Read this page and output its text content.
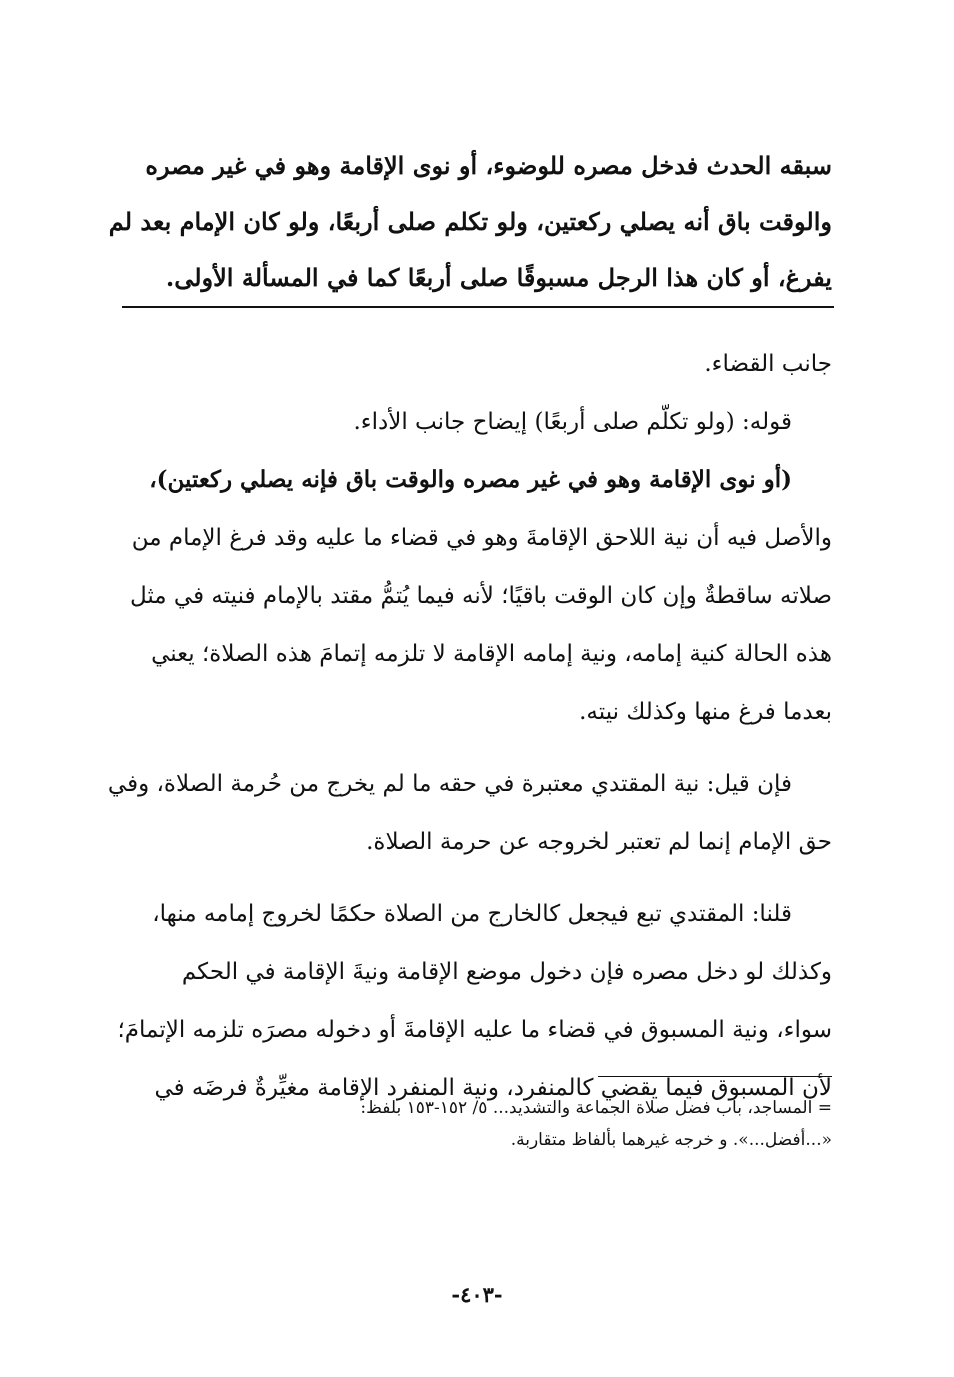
سبقه الحدث فدخل مصره للوضوء، أو نوى الإقامة وهو في غير مصره
والوقت باق أنه يصلي ركعتين، ولو تكلم صلى أربعًا، ولو كان الإمام بعد لم
يفرغ، أو كان هذا الرجل مسبوقًا صلى أربعًا كما في المسألة الأولى.

جانب القضاء.

قوله: (ولو تكلّم صلى أربعًا) إيضاح جانب الأداء.

(أو نوى الإقامة وهو في غير مصره والوقت باق فإنه يصلي ركعتين)،

والأصل فيه أن نية اللاحق الإقامةَ وهو في قضاء ما عليه وقد فرغ الإمام من
صلاته ساقطةٌ وإن كان الوقت باقيًا؛ لأنه فيما يُتمُّ مقتد بالإمام فنيته في مثل
هذه الحالة كنية إمامه، ونية إمامه الإقامة لا تلزمه إتمامَ هذه الصلاة؛ يعني
بعدما فرغ منها وكذلك نيته.

فإن قيل: نية المقتدي معتبرة في حقه ما لم يخرج من حُرمة الصلاة، وفي

حق الإمام إنما لم تعتبر لخروجه عن حرمة الصلاة.

قلنا: المقتدي تبع فيجعل كالخارج من الصلاة حكمًا لخروج إمامه منها،

وكذلك لو دخل مصره فإن دخول موضع الإقامة ونيةَ الإقامة في الحكم
سواء، ونية المسبوق في قضاء ما عليه الإقامةَ أو دخوله مصرَه تلزمه الإتمامَ؛
لأن المسبوق فيما يقضي كالمنفرد، ونية المنفرد الإقامة مغيِّرةٌ فرضَه في

= المساجد، باب فضل صلاة الجماعة والتشديد... ٥/ ١٥٢-١٥٣ بلفظ:
«...أفضل...». و خرجه غيرهما بألفاظ متقاربة.
-٤٠٣-
